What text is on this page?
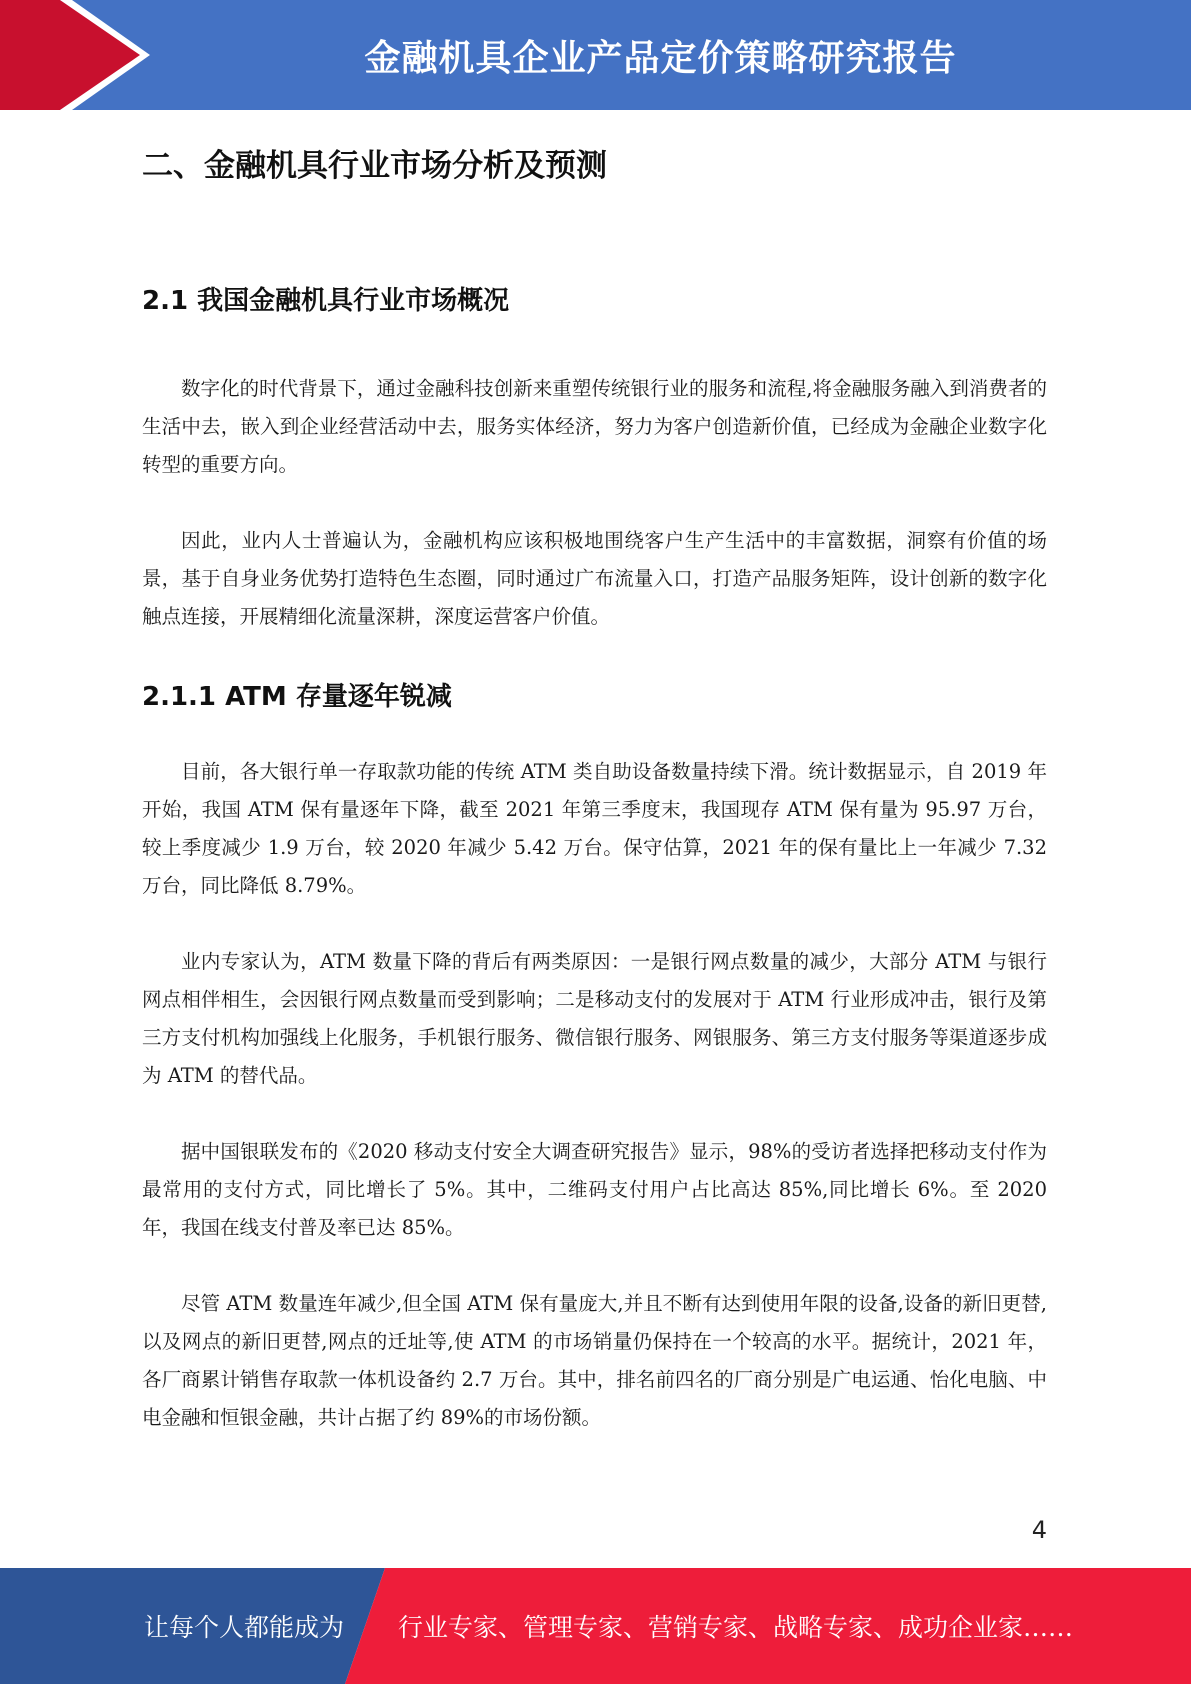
金融机具企业产品定价策略研究报告
二、金融机具行业市场分析及预测
2.1 我国金融机具行业市场概况

数字化的时代背景下，通过金融科技创新来重塑传统银行业的服务和流程,将金融服务融入到消费者的生活中去，嵌入到企业经营活动中去，服务实体经济，努力为客户创造新价值，已经成为金融企业数字化转型的重要方向。

因此，业内人士普遍认为，金融机构应该积极地围绕客户生产生活中的丰富数据，洞察有价值的场景，基于自身业务优势打造特色生态圈，同时通过广布流量入口，打造产品服务矩阵，设计创新的数字化触点连接，开展精细化流量深耕，深度运营客户价值。

2.1.1 ATM 存量逐年锐减

目前，各大银行单一存取款功能的传统 ATM 类自助设备数量持续下滑。统计数据显示，自 2019 年开始，我国 ATM 保有量逐年下降，截至 2021 年第三季度末，我国现存 ATM 保有量为 95.97 万台，较上季度减少 1.9 万台，较 2020 年减少 5.42 万台。保守估算，2021 年的保有量比上一年减少 7.32 万台，同比降低 8.79%。

业内专家认为，ATM 数量下降的背后有两类原因：一是银行网点数量的减少，大部分 ATM 与银行网点相伴相生，会因银行网点数量而受到影响；二是移动支付的发展对于 ATM 行业形成冲击，银行及第三方支付机构加强线上化服务，手机银行服务、微信银行服务、网银服务、第三方支付服务等渠道逐步成为 ATM 的替代品。

据中国银联发布的《2020 移动支付安全大调查研究报告》显示，98%的受访者选择把移动支付作为最常用的支付方式，同比增长了 5%。其中，二维码支付用户占比高达 85%,同比增长 6%。至 2020 年，我国在线支付普及率已达 85%。

尽管 ATM 数量连年减少,但全国 ATM 保有量庞大,并且不断有达到使用年限的设备,设备的新旧更替,以及网点的新旧更替,网点的迁址等,使 ATM 的市场销量仍保持在一个较高的水平。据统计，2021 年，各厂商累计销售存取款一体机设备约 2.7 万台。其中，排名前四名的厂商分别是广电运通、怡化电脑、中电金融和恒银金融，共计占据了约 89%的市场份额。

4
让每个人都能成为 行业专家、管理专家、营销专家、战略专家、成功企业家……
